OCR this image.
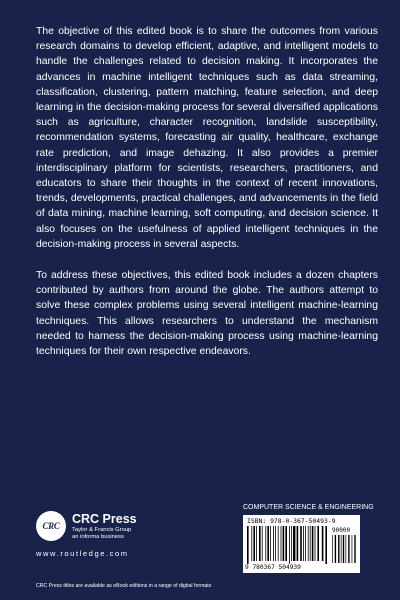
The objective of this edited book is to share the outcomes from various research domains to develop efficient, adaptive, and intelligent models to handle the challenges related to decision making. It incorporates the advances in machine intelligent techniques such as data streaming, classification, clustering, pattern matching, feature selection, and deep learning in the decision-making process for several diversified applications such as agriculture, character recognition, landslide susceptibility, recommendation systems, forecasting air quality, healthcare, exchange rate prediction, and image dehazing. It also provides a premier interdisciplinary platform for scientists, researchers, practitioners, and educators to share their thoughts in the context of recent innovations, trends, developments, practical challenges, and advancements in the field of data mining, machine learning, soft computing, and decision science. It also focuses on the usefulness of applied intelligent techniques in the decision-making process in several aspects.

To address these objectives, this edited book includes a dozen chapters contributed by authors from around the globe. The authors attempt to solve these complex problems using several intelligent machine-learning techniques. This allows researchers to understand the mechanism needed to harness the decision-making process using machine-learning techniques for their own respective endeavors.

CRC CRC Press
Taylor & Francis Group
an informa business
www.routledge.com
CRC Press titles are available as eBook editions in a range of digital formats
COMPUTER SCIENCE & ENGINEERING
ISBN: 978-0-367-50493-9
90000
9 780367 504939
